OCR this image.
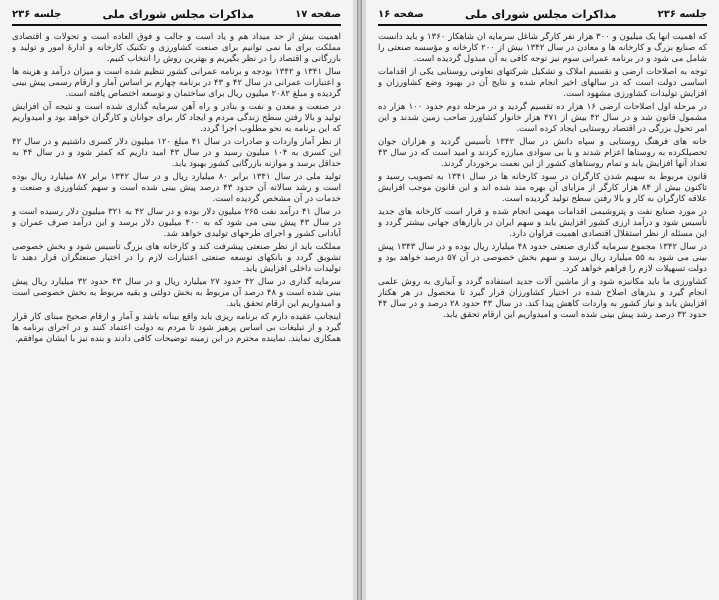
صفحه ۱۷
مذاکرات مجلس شورای ملی
جلسه ۲۳۶

اهمیت بیش از حد میداد هم و یاد است و جالب و فوق العاده است و تحولات و اقتصادی مملکت برای ما نمی توانیم برای صنعت کشاورزی و تکنیک کارخانه و ادارهٔ امور و تولید و بازرگانی و اقتصاد را در نظر بگیریم و بهترین روش را انتخاب کنیم.

سال ۱۳۴۱ و ۱۳۴۲ بودجه و برنامه عمرانی کشور تنظیم شده است و میزان درآمد و هزینه ها و اعتبارات عمرانی در سال ۴۲ و ۴۳ در برنامه چهارم بر اساس آمار و ارقام رسمی پیش بینی گردیده و مبلغ ۲۰۸۲ میلیون ریال برای ساختمان و توسعه اختصاص یافته است.

در صنعت و معدن و نفت و بنادر و راه آهن سرمایه گذاری شده است و نتیجه آن افزایش تولید و بالا رفتن سطح زندگی مردم و ایجاد کار برای جوانان و کارگران خواهد بود و امیدواریم که این برنامه به نحو مطلوب اجرا گردد.

از نظر آمار واردات و صادرات در سال ۴۱ مبلغ ۱۲۰ میلیون دلار کسری داشتیم و در سال ۴۲ این کسری به ۱۰۴ میلیون رسید و در سال ۴۳ امید داریم که کمتر شود و در سال ۴۴ به حداقل برسد و موازنه بازرگانی کشور بهبود یابد.

تولید ملی در سال ۱۳۴۱ برابر ۸۰ میلیارد ریال و در سال ۱۳۴۲ برابر ۸۷ میلیارد ریال بوده است و رشد سالانه آن حدود ۴۳ درصد پیش بینی شده است و سهم کشاورزی و صنعت و خدمات در آن مشخص گردیده است.

در سال ۴۱ درآمد نفت ۲۶۵ میلیون دلار بوده و در سال ۴۲ به ۳۲۱ میلیون دلار رسیده است و در سال ۴۳ پیش بینی می شود که به ۴۰۰ میلیون دلار برسد و این درآمد صرف عمران و آبادانی کشور و اجرای طرحهای تولیدی خواهد شد.

مملکت باید از نظر صنعتی پیشرفت کند و کارخانه های بزرگ تأسیس شود و بخش خصوصی تشویق گردد و بانکهای توسعه صنعتی اعتبارات لازم را در اختیار صنعتگران قرار دهند تا تولیدات داخلی افزایش یابد.

سرمایه گذاری در سال ۴۲ حدود ۲۷ میلیارد ریال و در سال ۴۳ حدود ۳۲ میلیارد ریال پیش بینی شده است و ۴۸ درصد آن مربوط به بخش دولتی و بقیه مربوط به بخش خصوصی است و امیدواریم این ارقام تحقق یابد.

اینجانب عقیده دارم که برنامه ریزی باید واقع بینانه باشد و آمار و ارقام صحیح مبنای کار قرار گیرد و از تبلیغات بی اساس پرهیز شود تا مردم به دولت اعتماد کنند و در اجرای برنامه ها همکاری نمایند. نماینده محترم در این زمینه توضیحات کافی دادند و بنده نیز با ایشان موافقم.

جلسه ۲۳۶
مذاکرات مجلس شورای ملی
صفحه ۱۶

که اهمیت آنها یک میلیون و ۳۰۰ هزار نفر کارگر شاغل سرمایه آن شاهکار ۱۳۶۰ و باید دانست که صنایع بزرگ و کارخانه ها و معادن در سال ۱۳۴۲ بیش از ۲۰۰ کارخانه و مؤسسه صنعتی را شامل می شود و در برنامه عمرانی سوم نیز توجه کافی به آن مبذول گردیده است.

توجه به اصلاحات ارضی و تقسیم املاک و تشکیل شرکتهای تعاونی روستایی یکی از اقدامات اساسی دولت است که در سالهای اخیر انجام شده و نتایج آن در بهبود وضع کشاورزان و افزایش تولیدات کشاورزی مشهود است.

در مرحله اول اصلاحات ارضی ۱۶ هزار ده تقسیم گردید و در مرحله دوم حدود ۱۰۰ هزار ده مشمول قانون شد و در سال ۴۲ بیش از ۴۷۱ هزار خانوار کشاورز صاحب زمین شدند و این امر تحول بزرگی در اقتصاد روستایی ایجاد کرده است.

خانه های فرهنگ روستایی و سپاه دانش در سال ۱۳۴۲ تأسیس گردید و هزاران جوان تحصیلکرده به روستاها اعزام شدند و با بی سوادی مبارزه کردند و امید است که در سال ۴۳ تعداد آنها افزایش یابد و تمام روستاهای کشور از این نعمت برخوردار گردند.

قانون مربوط به سهیم شدن کارگران در سود کارخانه ها در سال ۱۳۴۱ به تصویب رسید و تاکنون بیش از ۸۴ هزار کارگر از مزایای آن بهره مند شده اند و این قانون موجب افزایش علاقه کارگران به کار و بالا رفتن سطح تولید گردیده است.

در مورد صنایع نفت و پتروشیمی اقدامات مهمی انجام شده و قرار است کارخانه های جدید تأسیس شود و درآمد ارزی کشور افزایش یابد و سهم ایران در بازارهای جهانی بیشتر گردد و این مسئله از نظر استقلال اقتصادی اهمیت فراوان دارد.

در سال ۱۳۴۲ مجموع سرمایه گذاری صنعتی حدود ۴۸ میلیارد ریال بوده و در سال ۱۳۴۳ پیش بینی می شود به ۵۵ میلیارد ریال برسد و سهم بخش خصوصی در آن ۵۷ درصد خواهد بود و دولت تسهیلات لازم را فراهم خواهد کرد.

کشاورزی ما باید مکانیزه شود و از ماشین آلات جدید استفاده گردد و آبیاری به روش علمی انجام گیرد و بذرهای اصلاح شده در اختیار کشاورزان قرار گیرد تا محصول در هر هکتار افزایش یابد و نیاز کشور به واردات کاهش پیدا کند. در سال ۴۳ حدود ۲۸ درصد و در سال ۴۴ حدود ۳۲ درصد رشد پیش بینی شده است و امیدواریم این ارقام تحقق یابد.
